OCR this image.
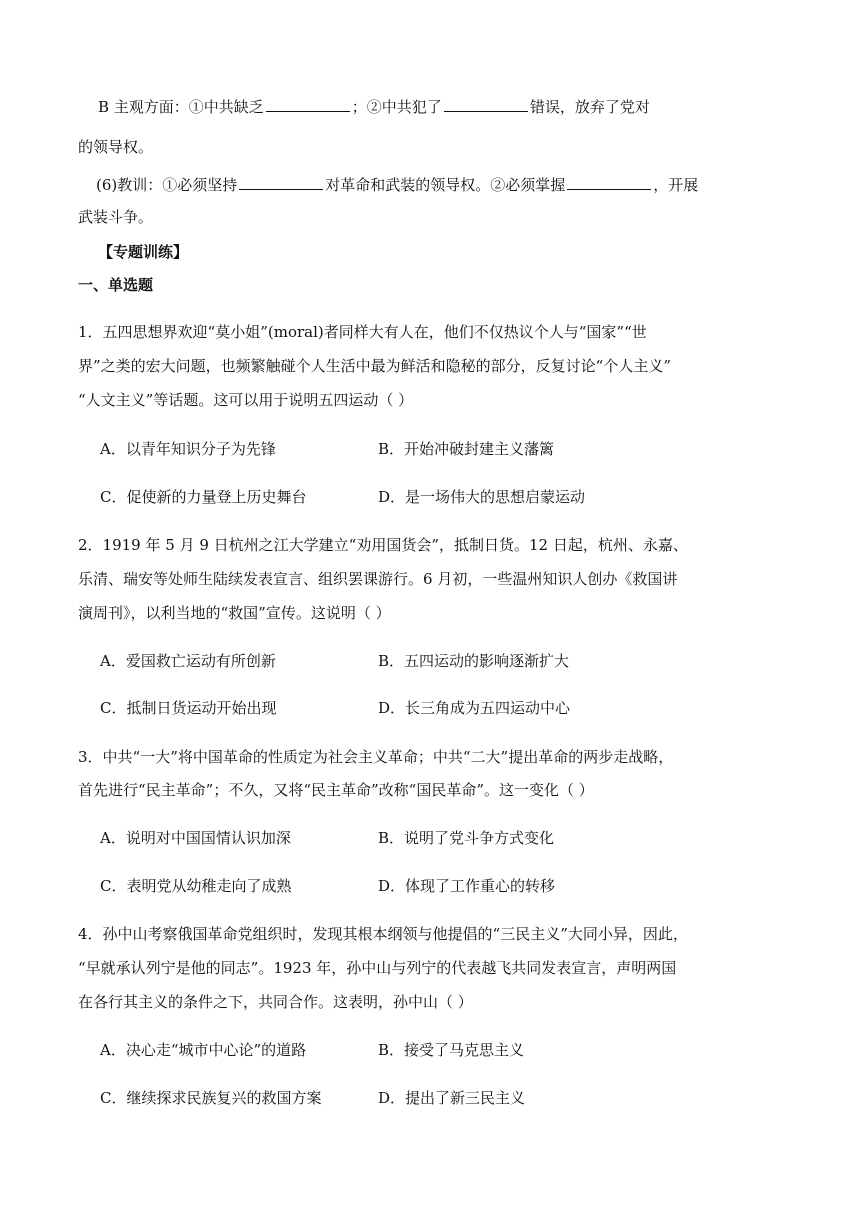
B 主观方面：①中共缺乏	；②中共犯了	错误，放弃了党对
的领导权。
(6)教训：①必须坚持	对革命和武装的领导权。②必须掌握	，开展
武装斗争。
【专题训练】
一、单选题
1．五四思想界欢迎“莫小姐”(moral)者同样大有人在，他们不仅热议个人与“国家”“世
界”之类的宏大问题，也频繁触碰个人生活中最为鲜活和隐秘的部分，反复讨论“个人主义”
“人文主义”等话题。这可以用于说明五四运动（ ）
A．以青年知识分子为先锋	B．开始冲破封建主义藩篱
C．促使新的力量登上历史舞台	D．是一场伟大的思想启蒙运动
2．1919 年 5 月 9 日杭州之江大学建立“劝用国货会”，抵制日货。12 日起，杭州、永嘉、
乐清、瑞安等处师生陆续发表宣言、组织罢课游行。6 月初，一些温州知识人创办《救国讲
演周刊》，以利当地的“救国”宣传。这说明（ ）
A．爱国救亡运动有所创新	B．五四运动的影响逐渐扩大
C．抵制日货运动开始出现	D．长三角成为五四运动中心
3．中共“一大”将中国革命的性质定为社会主义革命；中共“二大”提出革命的两步走战略，
首先进行“民主革命”；不久，又将“民主革命”改称“国民革命”。这一变化（ ）
A．说明对中国国情认识加深	B．说明了党斗争方式变化
C．表明党从幼稚走向了成熟	D．体现了工作重心的转移
4．孙中山考察俄国革命党组织时，发现其根本纲领与他提倡的“三民主义”大同小异，因此，
“早就承认列宁是他的同志”。1923 年，孙中山与列宁的代表越飞共同发表宣言，声明两国
在各行其主义的条件之下，共同合作。这表明，孙中山（ ）
A．决心走“城市中心论”的道路	B．接受了马克思主义
C．继续探求民族复兴的救国方案	D．提出了新三民主义
